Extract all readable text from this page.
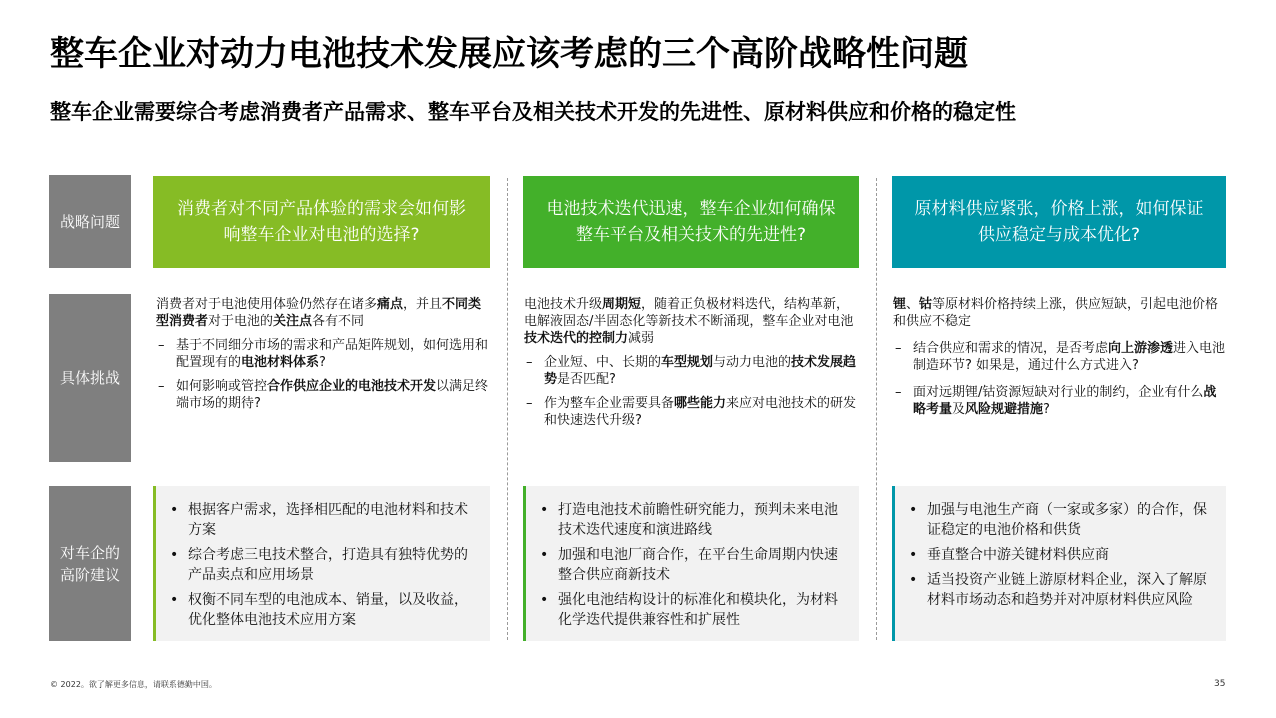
整车企业对动力电池技术发展应该考虑的三个高阶战略性问题
整车企业需要综合考虑消费者产品需求、整车平台及相关技术开发的先进性、原材料供应和价格的稳定性
战略问题
具体挑战
对车企的
高阶建议
消费者对不同产品体验的需求会如何影响整车企业对电池的选择?
电池技术迭代迅速，整车企业如何确保整车平台及相关技术的先进性?
原材料供应紧张，价格上涨，如何保证供应稳定与成本优化?

消费者对于电池使用体验仍然存在诸多痛点，并且不同类型消费者对于电池的关注点各有不同

– 基于不同细分市场的需求和产品矩阵规划，如何选用和配置现有的电池材料体系?
– 如何影响或管控合作供应企业的电池技术开发以满足终端市场的期待?

电池技术升级周期短，随着正负极材料迭代，结构革新，电解液固态/半固态化等新技术不断涌现，整车企业对电池技术迭代的控制力减弱

– 企业短、中、长期的车型规划与动力电池的技术发展趋势是否匹配?
– 作为整车企业需要具备哪些能力来应对电池技术的研发和快速迭代升级?

锂、钴等原材料价格持续上涨，供应短缺，引起电池价格和供应不稳定

– 结合供应和需求的情况，是否考虑向上游渗透进入电池制造环节? 如果是，通过什么方式进入?
– 面对远期锂/钴资源短缺对行业的制约，企业有什么战略考量及风险规避措施?
• 根据客户需求，选择相匹配的电池材料和技术方案
• 综合考虑三电技术整合，打造具有独特优势的产品卖点和应用场景
• 权衡不同车型的电池成本、销量，以及收益，优化整体电池技术应用方案
• 打造电池技术前瞻性研究能力，预判未来电池技术迭代速度和演进路线
• 加强和电池厂商合作，在平台生命周期内快速整合供应商新技术
• 强化电池结构设计的标准化和模块化，为材料化学迭代提供兼容性和扩展性
• 加强与电池生产商（一家或多家）的合作，保证稳定的电池价格和供货
• 垂直整合中游关键材料供应商
• 适当投资产业链上游原材料企业，深入了解原材料市场动态和趋势并对冲原材料供应风险
© 2022。欲了解更多信息，请联系德勤中国。	35
